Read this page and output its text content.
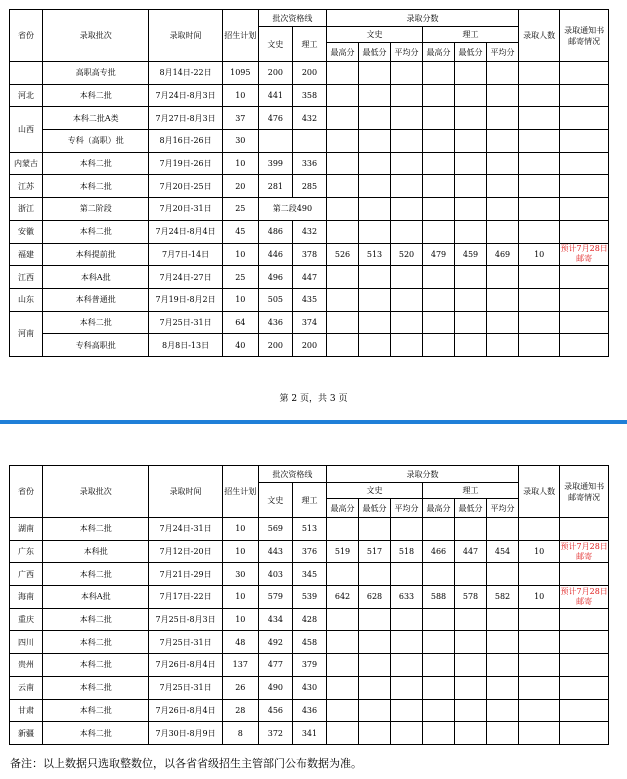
省份	录取批次	录取时间	招生计划	批次资格线		录取分数						录取人数	录取通知书邮寄情况
				文史	理工	文史			理工				
						最高分	最低分	平均分	最高分	最低分	平均分		
	高职高专批	8月14日-22日	1095	200	200								
河北	本科二批	7月24日-8月3日	10	441	358								
山西	本科二批A类	7月27日-8月3日	37	476	432								
	专科（高职）批	8月16日-26日	30										
内蒙古	本科二批	7月19日-26日	10	399	336								
江苏	本科二批	7月20日-25日	20	281	285								
浙江	第二阶段	7月20日-31日	25	第二段490									
安徽	本科二批	7月24日-8月4日	45	486	432								
福建	本科提前批	7月7日-14日	10	446	378	526	513	520	479	459	469	10	预计7月28日邮寄
江西	本科A批	7月24日-27日	25	496	447								
山东	本科普通批	7月19日-8月2日	10	505	435								
河南	本科二批	7月25日-31日	64	436	374								
	专科高职批	8月8日-13日	40	200	200								
第 2 页，共 3 页
省份	录取批次	录取时间	招生计划	批次资格线		录取分数						录取人数	录取通知书邮寄情况
				文史	理工	文史			理工				
						最高分	最低分	平均分	最高分	最低分	平均分		
湖南	本科二批	7月24日-31日	10	569	513								
广东	本科批	7月12日-20日	10	443	376	519	517	518	466	447	454	10	预计7月28日邮寄
广西	本科二批	7月21日-29日	30	403	345								
海南	本科A批	7月17日-22日	10	579	539	642	628	633	588	578	582	10	预计7月28日邮寄
重庆	本科二批	7月25日-8月3日	10	434	428								
四川	本科二批	7月25日-31日	48	492	458								
贵州	本科二批	7月26日-8月4日	137	477	379								
云南	本科二批	7月25日-31日	26	490	430								
甘肃	本科二批	7月26日-8月4日	28	456	436								
新疆	本科二批	7月30日-8月9日	8	372	341								
备注：以上数据只选取整数位，以各省省级招生主管部门公布数据为准。
